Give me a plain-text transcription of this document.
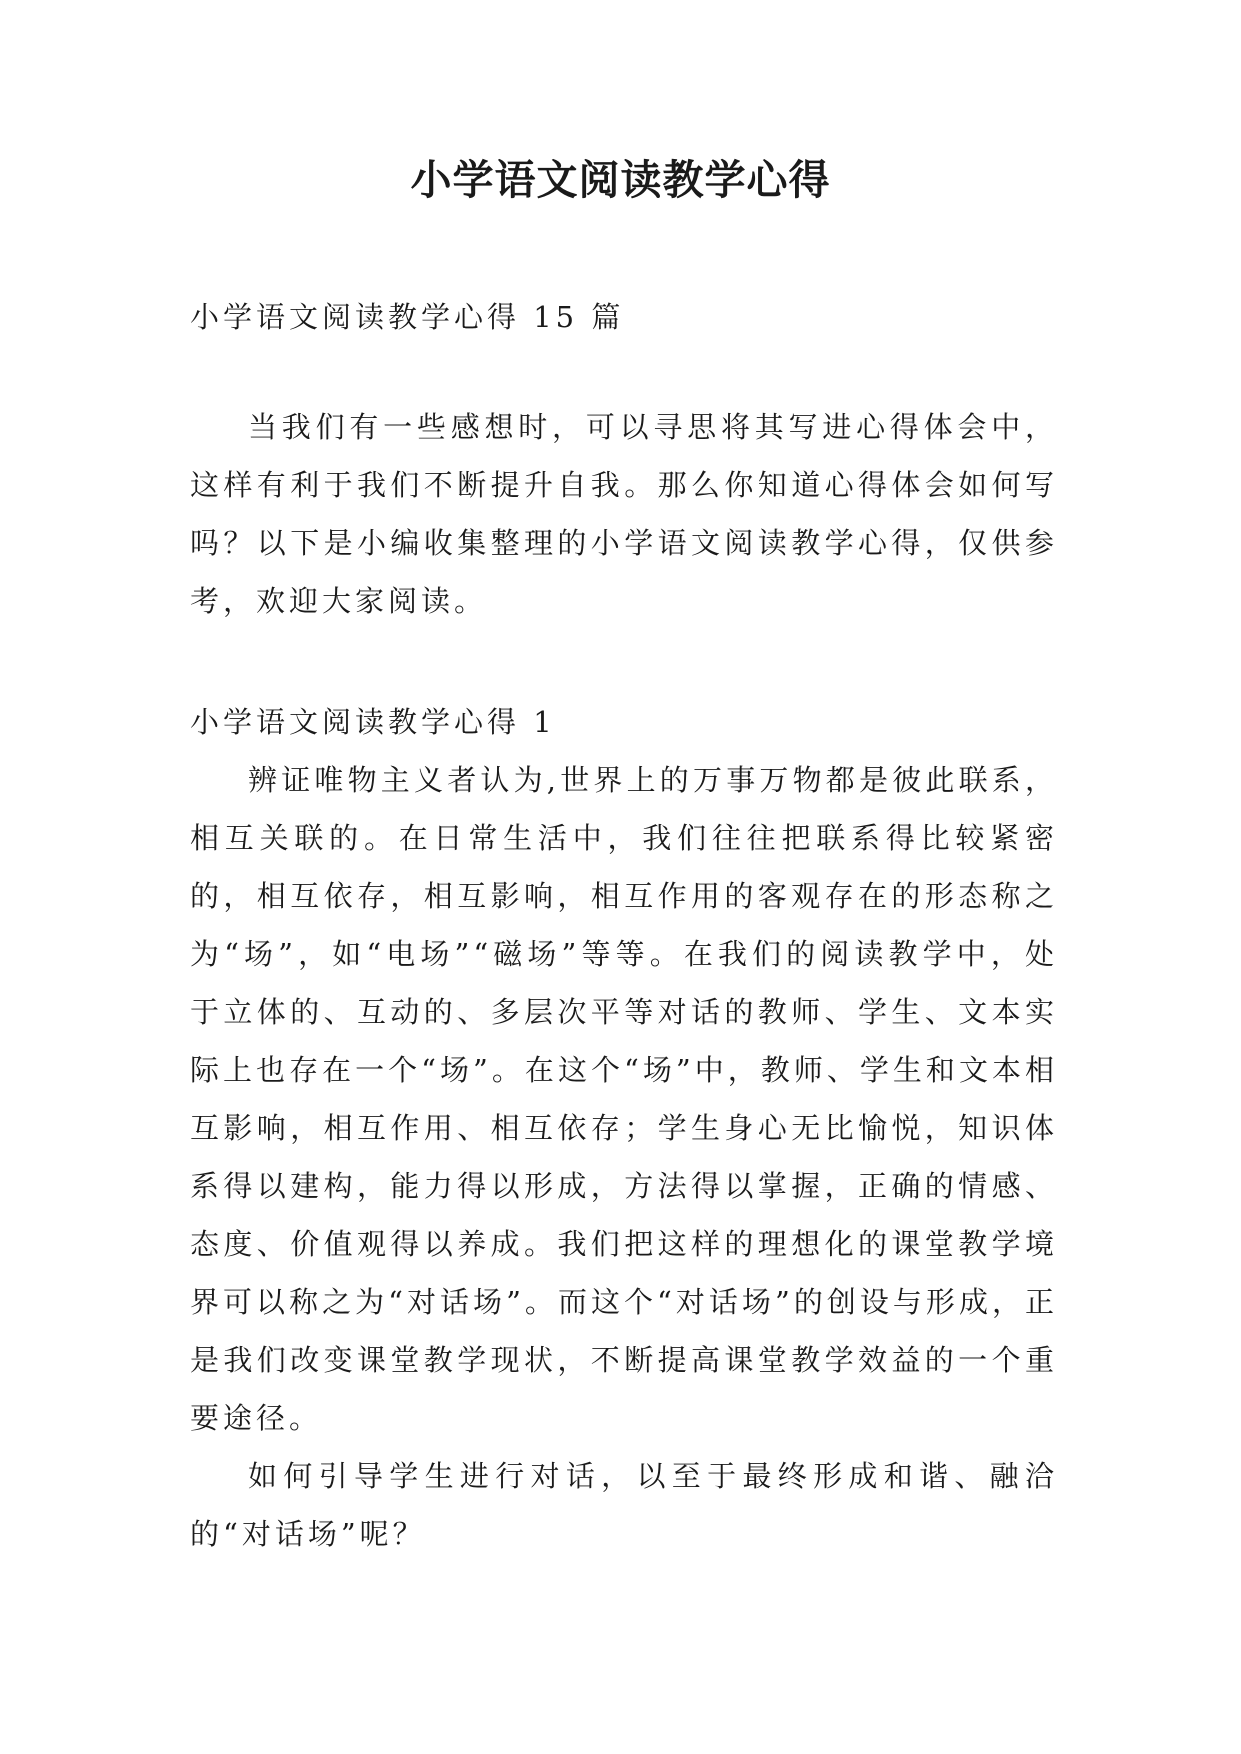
小学语文阅读教学心得

小学语文阅读教学心得 15 篇

当我们有一些感想时，可以寻思将其写进心得体会中，这样有利于我们不断提升自我。那么你知道心得体会如何写吗？以下是小编收集整理的小学语文阅读教学心得，仅供参考，欢迎大家阅读。

小学语文阅读教学心得 1

辨证唯物主义者认为,世界上的万事万物都是彼此联系，相互关联的。在日常生活中，我们往往把联系得比较紧密的，相互依存，相互影响，相互作用的客观存在的形态称之为“场”，如“电场”“磁场”等等。在我们的阅读教学中，处于立体的、互动的、多层次平等对话的教师、学生、文本实际上也存在一个“场”。在这个“场”中，教师、学生和文本相互影响，相互作用、相互依存；学生身心无比愉悦，知识体系得以建构，能力得以形成，方法得以掌握，正确的情感、态度、价值观得以养成。我们把这样的理想化的课堂教学境界可以称之为“对话场”。而这个“对话场”的创设与形成，正是我们改变课堂教学现状，不断提高课堂教学效益的一个重要途径。

如何引导学生进行对话，以至于最终形成和谐、融洽的“对话场”呢？
